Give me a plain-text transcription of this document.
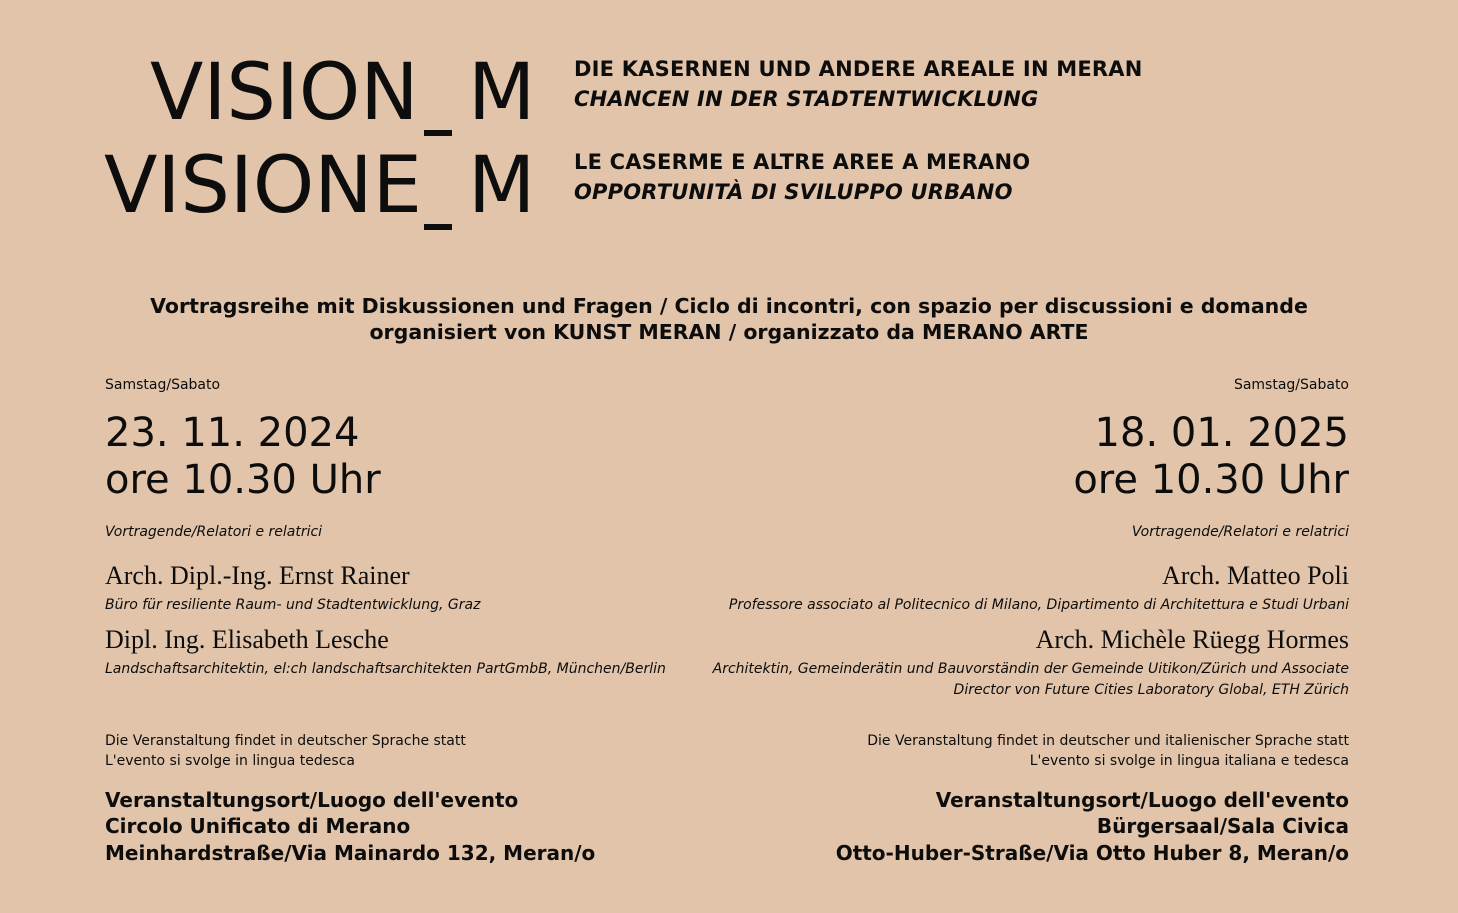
VISION
VISIONE
M
M
DIE KASERNEN UND ANDERE AREALE IN MERAN
CHANCEN IN DER STADTENTWICKLUNG
LE CASERME E ALTRE AREE A MERANO
OPPORTUNITÀ DI SVILUPPO URBANO
Vortragsreihe mit Diskussionen und Fragen / Ciclo di incontri, con spazio per discussioni e domande
organisiert von KUNST MERAN / organizzato da MERANO ARTE
Samstag/Sabato
23. 11. 2024
ore 10.30 Uhr
Vortragende/Relatori e relatrici
Arch. Dipl.-Ing. Ernst Rainer
Büro für resiliente Raum- und Stadtentwicklung, Graz
Dipl. Ing. Elisabeth Lesche
Landschaftsarchitektin, el:ch landschaftsarchitekten PartGmbB, München/Berlin
Die Veranstaltung findet in deutscher Sprache statt
L'evento si svolge in lingua tedesca
Veranstaltungsort/Luogo dell'evento
Circolo Unificato di Merano
Meinhardstraße/Via Mainardo 132, Meran/o
Samstag/Sabato
18. 01. 2025
ore 10.30 Uhr
Vortragende/Relatori e relatrici
Arch. Matteo Poli
Professore associato al Politecnico di Milano, Dipartimento di Architettura e Studi Urbani
Arch. Michèle Rüegg Hormes
Architektin, Gemeinderätin und Bauvorständin der Gemeinde Uitikon/Zürich und Associate
Director von Future Cities Laboratory Global, ETH Zürich
Die Veranstaltung findet in deutscher und italienischer Sprache statt
L'evento si svolge in lingua italiana e tedesca
Veranstaltungsort/Luogo dell'evento
Bürgersaal/Sala Civica
Otto-Huber-Straße/Via Otto Huber 8, Meran/o
